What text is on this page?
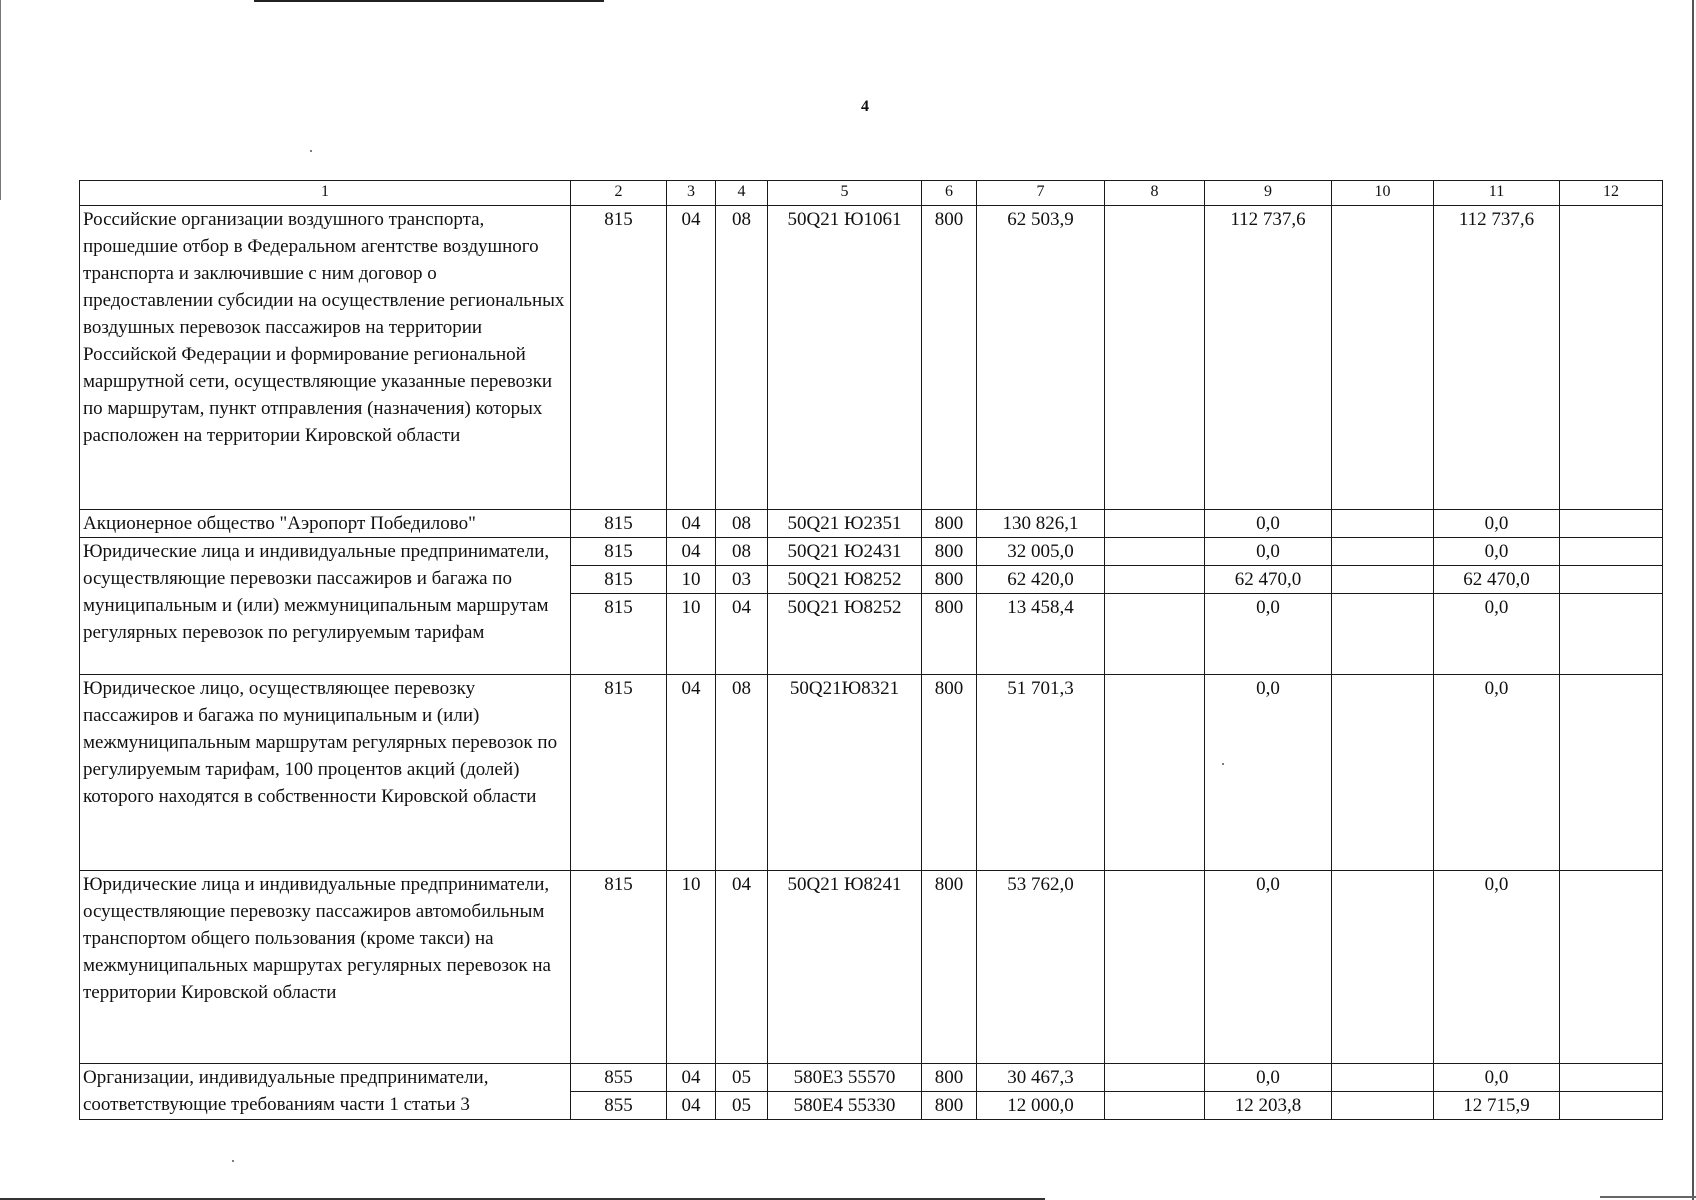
4
1	2	3	4	5	6	7	8	9	10	11	12
Российские организации воздушного транспорта, прошедшие отбор в Федеральном агентстве воздушного транспорта и заключившие с ним договор о предоставлении субсидии на осуществление региональных воздушных перевозок пассажиров на территории Российской Федерации и формирование региональной маршрутной сети, осуществляющие указанные перевозки по маршрутам, пункт отправления (назначения) которых расположен на территории Кировской области	815	04	08	50Q21 Ю1061	800	62 503,9		112 737,6		112 737,6	
Акционерное общество "Аэропорт Победилово"	815	04	08	50Q21 Ю2351	800	130 826,1		0,0		0,0	
Юридические лица и индивидуальные предприниматели, осуществляющие перевозки пассажиров и багажа по муниципальным и (или) межмуниципальным маршрутам регулярных перевозок по регулируемым тарифам	815	04	08	50Q21 Ю2431	800	32 005,0		0,0		0,0	
	815	10	03	50Q21 Ю8252	800	62 420,0		62 470,0		62 470,0	
	815	10	04	50Q21 Ю8252	800	13 458,4		0,0		0,0	
Юридическое лицо, осуществляющее перевозку пассажиров и багажа по муниципальным и (или) межмуниципальным маршрутам регулярных перевозок по регулируемым тарифам, 100 процентов акций (долей) которого находятся в собственности Кировской области	815	04	08	50Q21Ю8321	800	51 701,3		0,0		0,0	
Юридические лица и индивидуальные предприниматели, осуществляющие перевозку пассажиров автомобильным транспортом общего пользования (кроме такси) на межмуниципальных маршрутах регулярных перевозок на территории Кировской области	815	10	04	50Q21 Ю8241	800	53 762,0		0,0		0,0	
Организации, индивидуальные предприниматели, соответствующие требованиям части 1 статьи 3	855	04	05	580E3 55570	800	30 467,3		0,0		0,0	
	855	04	05	580E4 55330	800	12 000,0		12 203,8		12 715,9	
